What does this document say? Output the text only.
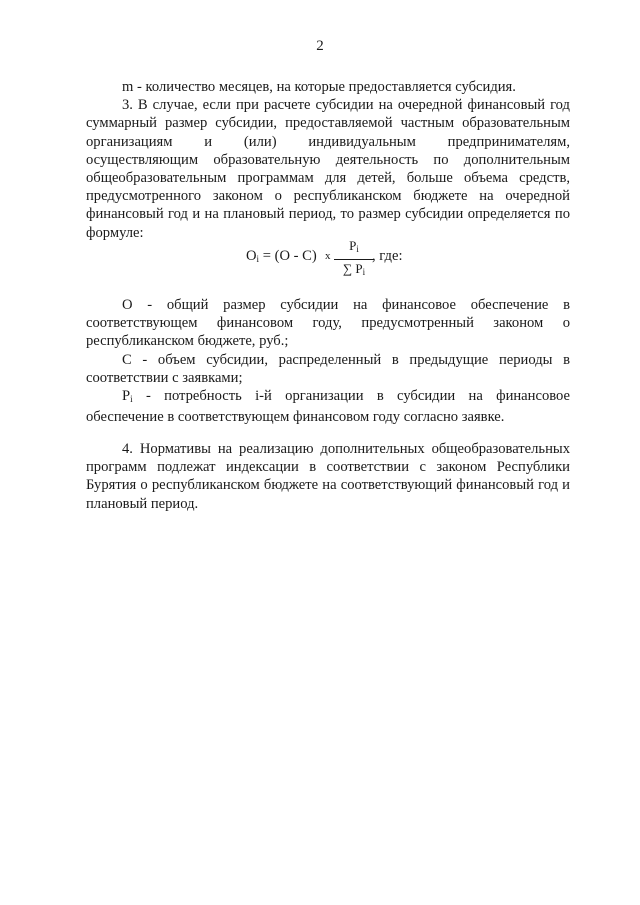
2

m - количество месяцев, на которые предоставляется субсидия.

3. В случае, если при расчете субсидии на очередной финансовый год суммарный размер субсидии, предоставляемой частным образовательным организациям и (или) индивидуальным предпринимателям, осуществляющим образовательную деятельность по дополнительным общеобразовательным программам для детей, больше объема средств, предусмотренного законом о республиканском бюджете на очередной финансовый год и на плановый период, то размер субсидии определяется по формуле:

$O_i = (O - C)$ x
$P_i$
∑ $P_i$
, где:

O - общий размер субсидии на финансовое обеспечение в соответствующем финансовом году, предусмотренный законом о республиканском бюджете, руб.;

C - объем субсидии, распределенный в предыдущие периоды в соответствии с заявками;

$P_i$ - потребность i-й организации в субсидии на финансовое обеспечение в соответствующем финансовом году согласно заявке.

4. Нормативы на реализацию дополнительных общеобразовательных программ подлежат индексации в соответствии с законом Республики Бурятия о республиканском бюджете на соответствующий финансовый год и плановый период.
